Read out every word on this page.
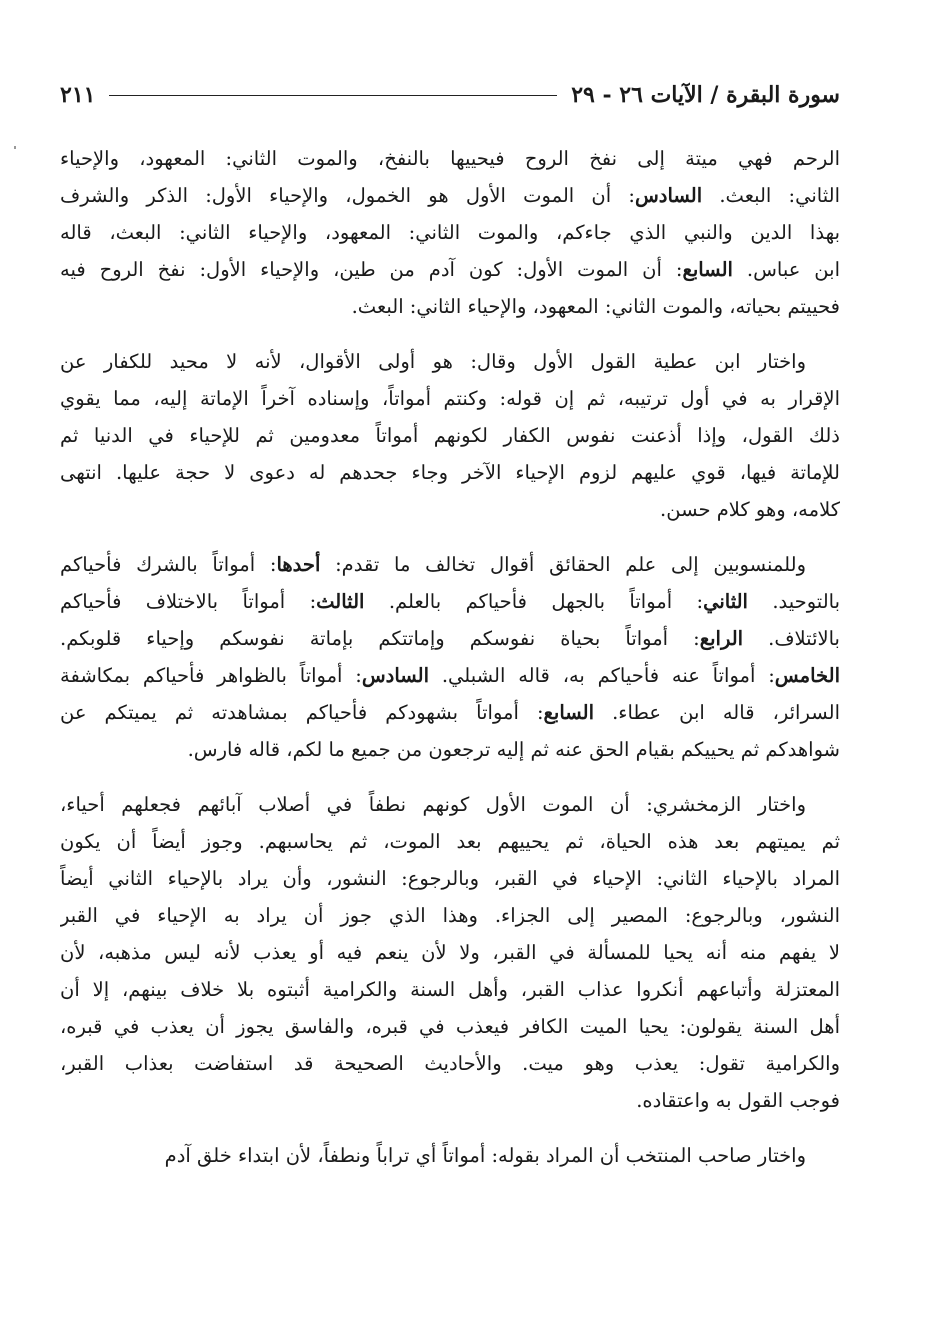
سورة البقرة / الآيات ٢٦ - ٢٩
٢١١
الرحم فهي ميتة إلى نفخ الروح فيحييها بالنفخ، والموت الثاني: المعهود، والإحياء
الثاني: البعث. السادس: أن الموت الأول هو الخمول، والإحياء الأول: الذكر والشرف
بهذا الدين والنبي الذي جاءكم، والموت الثاني: المعهود، والإحياء الثاني: البعث، قاله
ابن عباس. السابع: أن الموت الأول: كون آدم من طين، والإحياء الأول: نفخ الروح فيه
فحييتم بحياته، والموت الثاني: المعهود، والإحياء الثاني: البعث.
واختار ابن عطية القول الأول وقال: هو أولى الأقوال، لأنه لا محيد للكفار عن
الإقرار به في أول ترتيبه، ثم إن قوله: وكنتم أمواتاً، وإسناده آخراً الإماتة إليه، مما يقوي
ذلك القول، وإذا أذعنت نفوس الكفار لكونهم أمواتاً معدومين ثم للإحياء في الدنيا ثم
للإماتة فيها، قوي عليهم لزوم الإحياء الآخر وجاء جحدهم له دعوى لا حجة عليها. انتهى
كلامه، وهو كلام حسن.
وللمنسوبين إلى علم الحقائق أقوال تخالف ما تقدم: أحدها: أمواتاً بالشرك فأحياكم
بالتوحيد. الثاني: أمواتاً بالجهل فأحياكم بالعلم. الثالث: أمواتاً بالاختلاف فأحياكم
بالائتلاف. الرابع: أمواتاً بحياة نفوسكم وإماتتكم بإماتة نفوسكم وإحياء قلوبكم.
الخامس: أمواتاً عنه فأحياكم به، قاله الشبلي. السادس: أمواتاً بالظواهر فأحياكم بمكاشفة
السرائر، قاله ابن عطاء. السابع: أمواتاً بشهودكم فأحياكم بمشاهدته ثم يميتكم عن
شواهدكم ثم يحييكم بقيام الحق عنه ثم إليه ترجعون من جميع ما لكم، قاله فارس.
واختار الزمخشري: أن الموت الأول كونهم نطفاً في أصلاب آبائهم فجعلهم أحياء،
ثم يميتهم بعد هذه الحياة، ثم يحييهم بعد الموت، ثم يحاسبهم. وجوز أيضاً أن يكون
المراد بالإحياء الثاني: الإحياء في القبر، وبالرجوع: النشور، وأن يراد بالإحياء الثاني أيضاً
النشور، وبالرجوع: المصير إلى الجزاء. وهذا الذي جوز أن يراد به الإحياء في القبر
لا يفهم منه أنه يحيا للمسألة في القبر، ولا لأن ينعم فيه أو يعذب لأنه ليس مذهبه، لأن
المعتزلة وأتباعهم أنكروا عذاب القبر، وأهل السنة والكرامية أثبتوه بلا خلاف بينهم، إلا أن
أهل السنة يقولون: يحيا الميت الكافر فيعذب في قبره، والفاسق يجوز أن يعذب في قبره،
والكرامية تقول: يعذب وهو ميت. والأحاديث الصحيحة قد استفاضت بعذاب القبر،
فوجب القول به واعتقاده.
واختار صاحب المنتخب أن المراد بقوله: أمواتاً أي تراباً ونطفاً، لأن ابتداء خلق آدم
